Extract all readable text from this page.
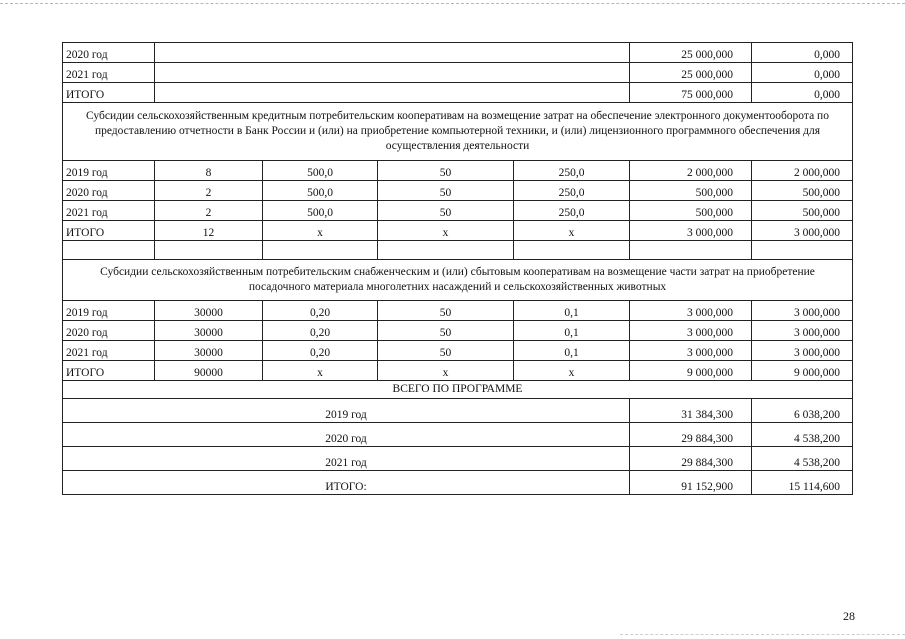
2020 год					25 000,000	0,000
2021 год					25 000,000	0,000
ИТОГО					75 000,000	0,000
Субсидии сельскохозяйственным кредитным потребительским кооперативам на возмещение затрат на обеспечение электронного документооборота по предоставлению отчетности в Банк России и (или) на приобретение компьютерной техники, и (или) лицензионного программного обеспечения для осуществления деятельности						
2019 год	8	500,0	50	250,0	2 000,000	2 000,000
2020 год	2	500,0	50	250,0	500,000	500,000
2021 год	2	500,0	50	250,0	500,000	500,000
ИТОГО	12	х	х	х	3 000,000	3 000,000

Субсидии сельскохозяйственным потребительским снабженческим и (или) сбытовым кооперативам на возмещение части затрат на приобретение посадочного материала многолетних насаждений и сельскохозяйственных животных						
2019 год	30000	0,20	50	0,1	3 000,000	3 000,000
2020 год	30000	0,20	50	0,1	3 000,000	3 000,000
2021 год	30000	0,20	50	0,1	3 000,000	3 000,000
ИТОГО	90000	х	х	х	9 000,000	9 000,000
ВСЕГО ПО ПРОГРАММЕ						
2019 год					31 384,300	6 038,200
2020 год					29 884,300	4 538,200
2021 год					29 884,300	4 538,200
ИТОГО:					91 152,900	15 114,600
28
